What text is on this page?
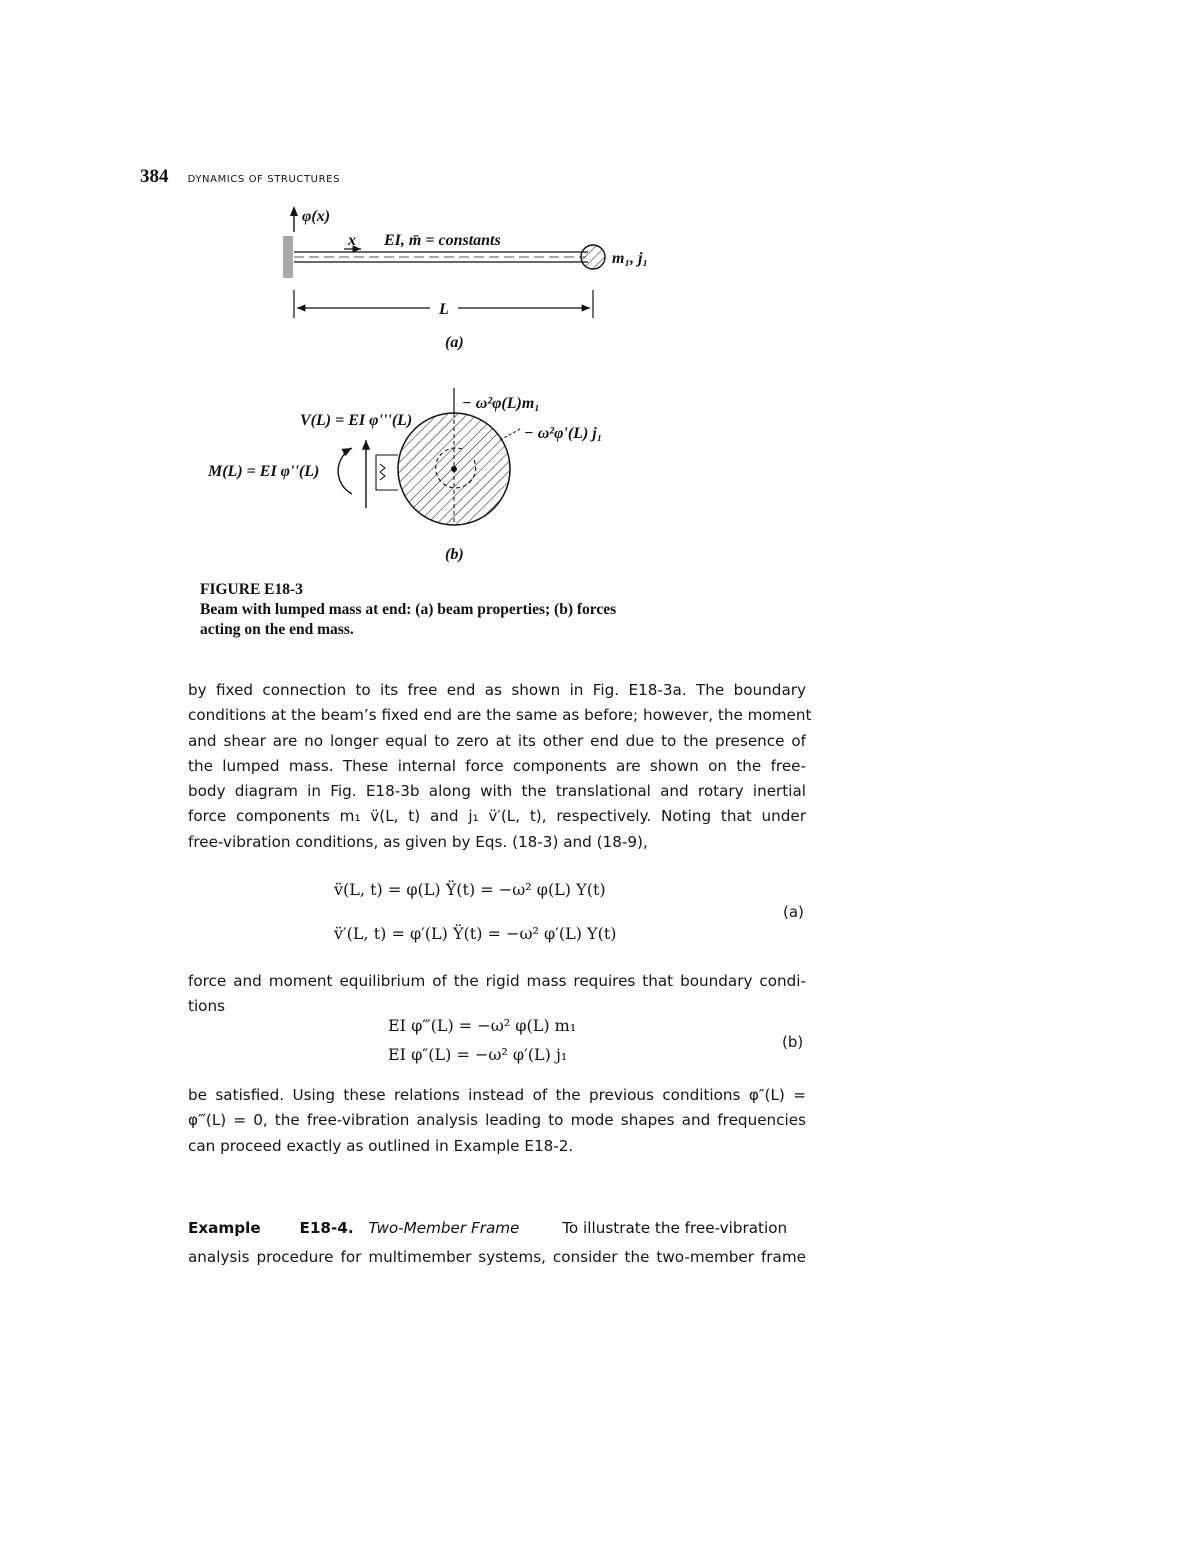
384 DYNAMICS OF STRUCTURES
φ(x)
x EI, m̄ = constants
m₁, j₁
L
(a)
− ω²φ(L)m₁
− ω²φ'(L) j₁
V(L) = EI φ'''(L)
M(L) = EI φ''(L)
(b)
FIGURE E18-3
Beam with lumped mass at end: (a) beam properties; (b) forces
acting on the end mass.
by fixed connection to its free end as shown in Fig. E18-3a. The boundary
conditions at the beam’s fixed end are the same as before; however, the moment
and shear are no longer equal to zero at its other end due to the presence of
the lumped mass. These internal force components are shown on the free-
body diagram in Fig. E18-3b along with the translational and rotary inertial
force components m₁ v̈(L, t) and j₁ v̈′(L, t), respectively. Noting that under
free-vibration conditions, as given by Eqs. (18-3) and (18-9),
v̈(L, t) = φ(L) Ÿ(t) = −ω² φ(L) Y(t)
v̈′(L, t) = φ′(L) Ÿ(t) = −ω² φ′(L) Y(t)
(a)
force and moment equilibrium of the rigid mass requires that boundary condi-
tions
EI φ‴(L) = −ω² φ(L) m₁
EI φ″(L) = −ω² φ′(L) j₁
(b)
be satisfied. Using these relations instead of the previous conditions φ″(L) =
φ‴(L) = 0, the free-vibration analysis leading to mode shapes and frequencies
can proceed exactly as outlined in Example E18-2.
Example	E18-4. Two-Member Frame	To illustrate the free-vibration
analysis procedure for multimember systems, consider the two-member frame
